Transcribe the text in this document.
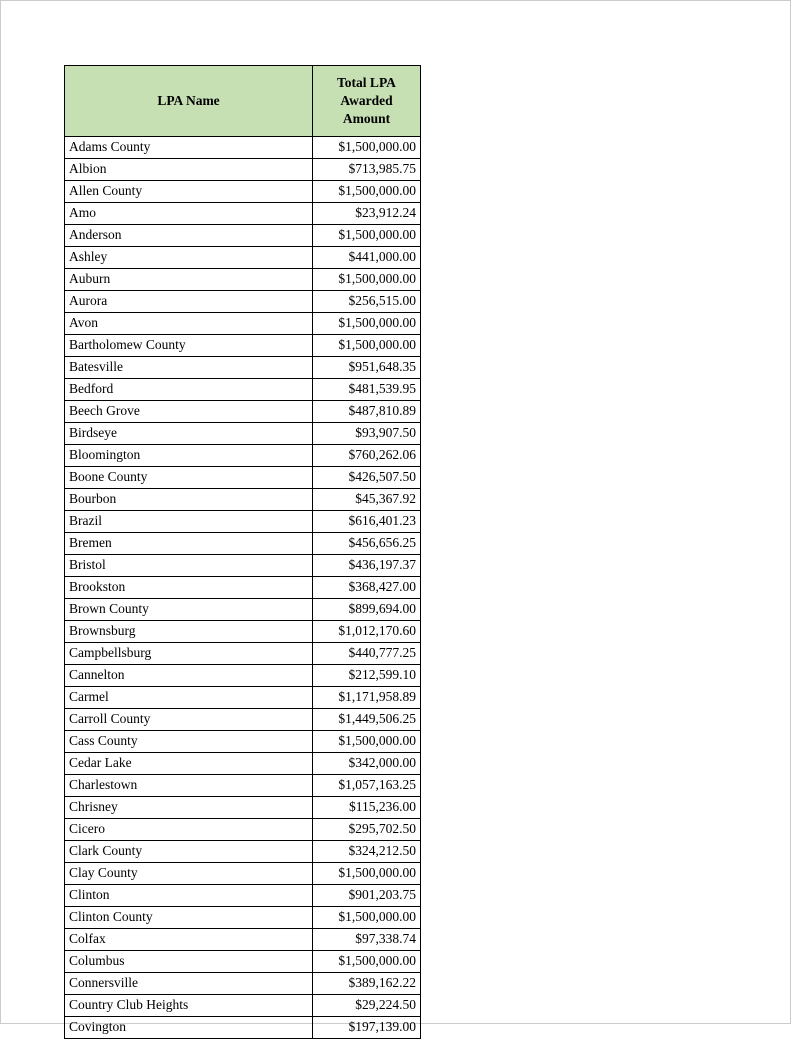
LPA Name	Total LPA Awarded Amount
Adams County	$1,500,000.00
Albion	$713,985.75
Allen County	$1,500,000.00
Amo	$23,912.24
Anderson	$1,500,000.00
Ashley	$441,000.00
Auburn	$1,500,000.00
Aurora	$256,515.00
Avon	$1,500,000.00
Bartholomew County	$1,500,000.00
Batesville	$951,648.35
Bedford	$481,539.95
Beech Grove	$487,810.89
Birdseye	$93,907.50
Bloomington	$760,262.06
Boone County	$426,507.50
Bourbon	$45,367.92
Brazil	$616,401.23
Bremen	$456,656.25
Bristol	$436,197.37
Brookston	$368,427.00
Brown County	$899,694.00
Brownsburg	$1,012,170.60
Campbellsburg	$440,777.25
Cannelton	$212,599.10
Carmel	$1,171,958.89
Carroll County	$1,449,506.25
Cass County	$1,500,000.00
Cedar Lake	$342,000.00
Charlestown	$1,057,163.25
Chrisney	$115,236.00
Cicero	$295,702.50
Clark County	$324,212.50
Clay County	$1,500,000.00
Clinton	$901,203.75
Clinton County	$1,500,000.00
Colfax	$97,338.74
Columbus	$1,500,000.00
Connersville	$389,162.22
Country Club Heights	$29,224.50
Covington	$197,139.00
